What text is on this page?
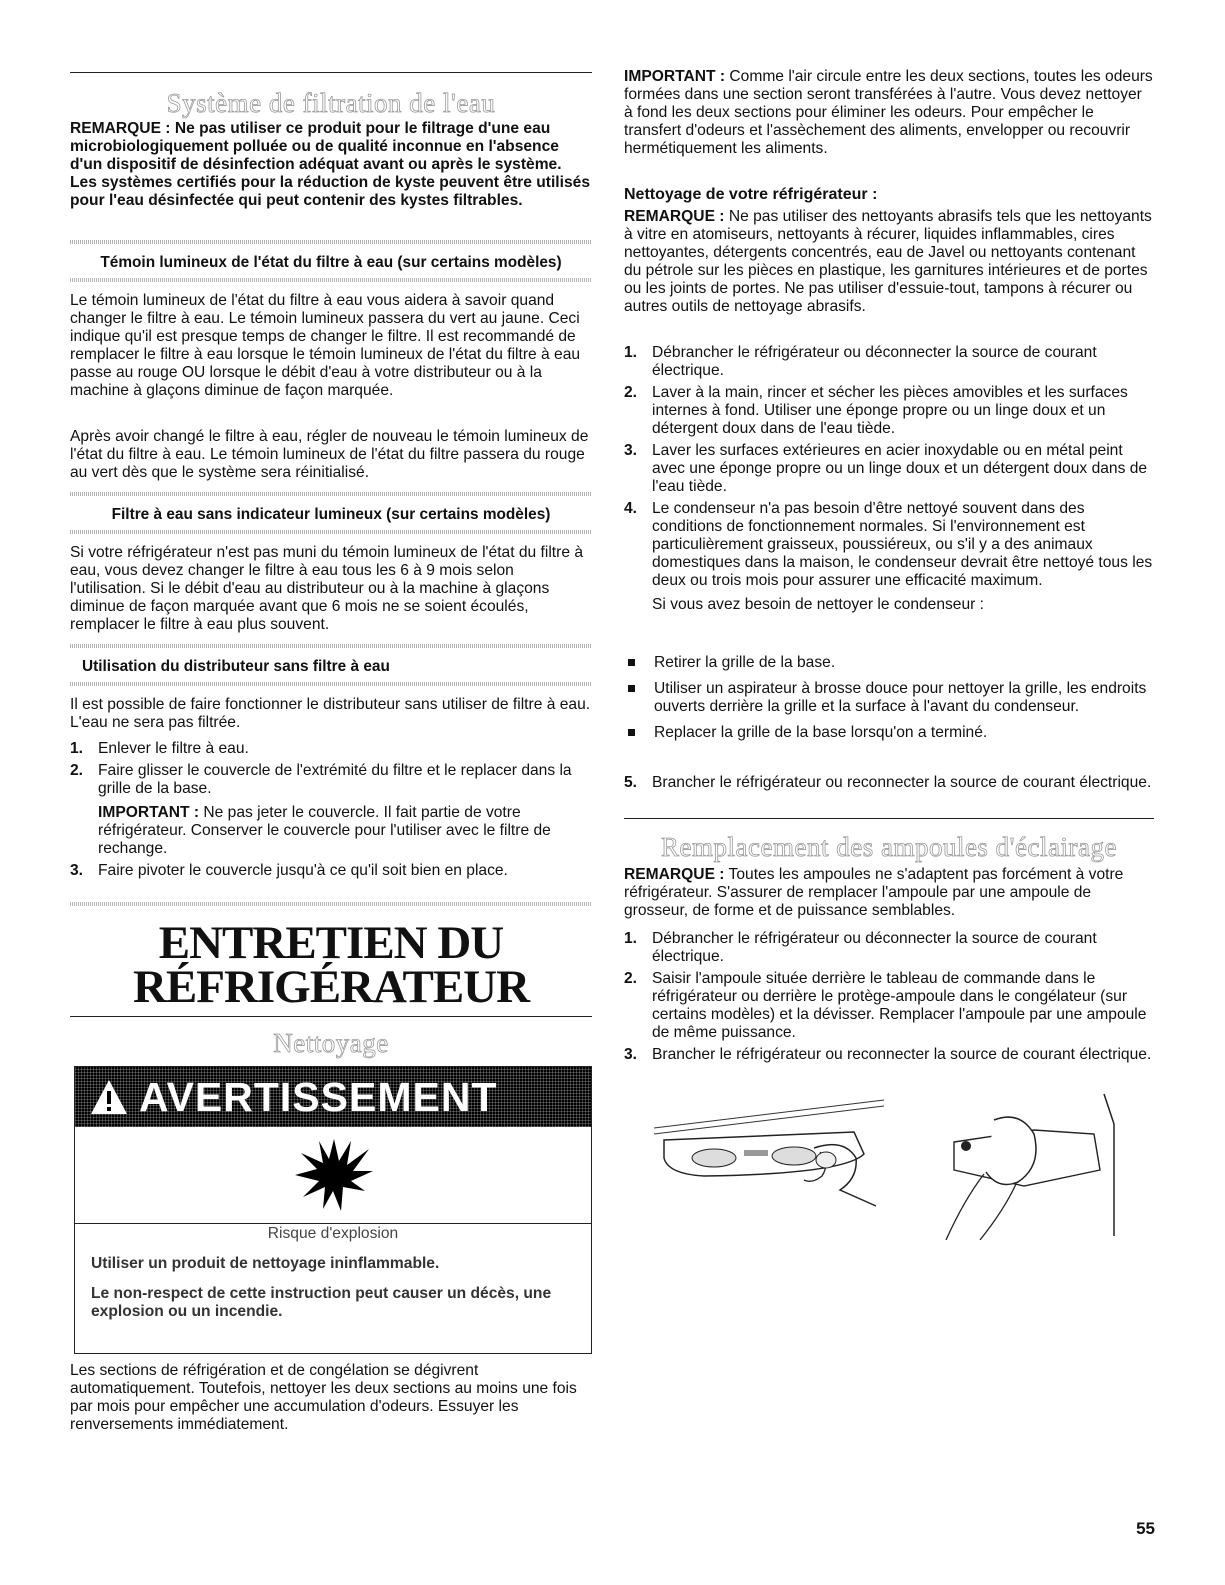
Système de filtration de l'eau

REMARQUE : Ne pas utiliser ce produit pour le filtrage d'une eau microbiologiquement polluée ou de qualité inconnue en l'absence d'un dispositif de désinfection adéquat avant ou après le système. Les systèmes certifiés pour la réduction de kyste peuvent être utilisés pour l'eau désinfectée qui peut contenir des kystes filtrables.

Témoin lumineux de l'état du filtre à eau (sur certains modèles)

Le témoin lumineux de l'état du filtre à eau vous aidera à savoir quand changer le filtre à eau. Le témoin lumineux passera du vert au jaune. Ceci indique qu'il est presque temps de changer le filtre. Il est recommandé de remplacer le filtre à eau lorsque le témoin lumineux de l'état du filtre à eau passe au rouge OU lorsque le débit d'eau à votre distributeur ou à la machine à glaçons diminue de façon marquée.

Après avoir changé le filtre à eau, régler de nouveau le témoin lumineux de l'état du filtre à eau. Le témoin lumineux de l'état du filtre passera du rouge au vert dès que le système sera réinitialisé.

Filtre à eau sans indicateur lumineux (sur certains modèles)

Si votre réfrigérateur n'est pas muni du témoin lumineux de l'état du filtre à eau, vous devez changer le filtre à eau tous les 6 à 9 mois selon l'utilisation. Si le débit d'eau au distributeur ou à la machine à glaçons diminue de façon marquée avant que 6 mois ne se soient écoulés, remplacer le filtre à eau plus souvent.

Utilisation du distributeur sans filtre à eau

Il est possible de faire fonctionner le distributeur sans utiliser de filtre à eau. L'eau ne sera pas filtrée.

1. Enlever le filtre à eau.
2. Faire glisser le couvercle de l'extrémité du filtre et le replacer dans la grille de la base.

IMPORTANT : Ne pas jeter le couvercle. Il fait partie de votre réfrigérateur. Conserver le couvercle pour l'utiliser avec le filtre de rechange.

3. Faire pivoter le couvercle jusqu'à ce qu'il soit bien en place.
ENTRETIEN DU
RÉFRIGÉRATEUR
Nettoyage
AVERTISSEMENT
Risque d'explosion
Utiliser un produit de nettoyage ininflammable.
Le non-respect de cette instruction peut causer un décès, une explosion ou un incendie.

Les sections de réfrigération et de congélation se dégivrent automatiquement. Toutefois, nettoyer les deux sections au moins une fois par mois pour empêcher une accumulation d'odeurs. Essuyer les renversements immédiatement.

IMPORTANT : Comme l'air circule entre les deux sections, toutes les odeurs formées dans une section seront transférées à l'autre. Vous devez nettoyer à fond les deux sections pour éliminer les odeurs. Pour empêcher le transfert d'odeurs et l'assèchement des aliments, envelopper ou recouvrir hermétiquement les aliments.

Nettoyage de votre réfrigérateur :

REMARQUE : Ne pas utiliser des nettoyants abrasifs tels que les nettoyants à vitre en atomiseurs, nettoyants à récurer, liquides inflammables, cires nettoyantes, détergents concentrés, eau de Javel ou nettoyants contenant du pétrole sur les pièces en plastique, les garnitures intérieures et de portes ou les joints de portes. Ne pas utiliser d'essuie-tout, tampons à récurer ou autres outils de nettoyage abrasifs.

1. Débrancher le réfrigérateur ou déconnecter la source de courant électrique.
2. Laver à la main, rincer et sécher les pièces amovibles et les surfaces internes à fond. Utiliser une éponge propre ou un linge doux et un détergent doux dans de l'eau tiède.
3. Laver les surfaces extérieures en acier inoxydable ou en métal peint avec une éponge propre ou un linge doux et un détergent doux dans de l'eau tiède.
4. Le condenseur n'a pas besoin d'être nettoyé souvent dans des conditions de fonctionnement normales. Si l'environnement est particulièrement graisseux, poussiéreux, ou s'il y a des animaux domestiques dans la maison, le condenseur devrait être nettoyé tous les deux ou trois mois pour assurer une efficacité maximum.

Si vous avez besoin de nettoyer le condenseur :

Retirer la grille de la base.
Utiliser un aspirateur à brosse douce pour nettoyer la grille, les endroits ouverts derrière la grille et la surface à l'avant du condenseur.
Replacer la grille de la base lorsqu'on a terminé.
5. Brancher le réfrigérateur ou reconnecter la source de courant électrique.
Remplacement des ampoules d'éclairage

REMARQUE : Toutes les ampoules ne s'adaptent pas forcément à votre réfrigérateur. S'assurer de remplacer l'ampoule par une ampoule de grosseur, de forme et de puissance semblables.

1. Débrancher le réfrigérateur ou déconnecter la source de courant électrique.
2. Saisir l'ampoule située derrière le tableau de commande dans le réfrigérateur ou derrière le protège-ampoule dans le congélateur (sur certains modèles) et la dévisser. Remplacer l'ampoule par une ampoule de même puissance.
3. Brancher le réfrigérateur ou reconnecter la source de courant électrique.
55
